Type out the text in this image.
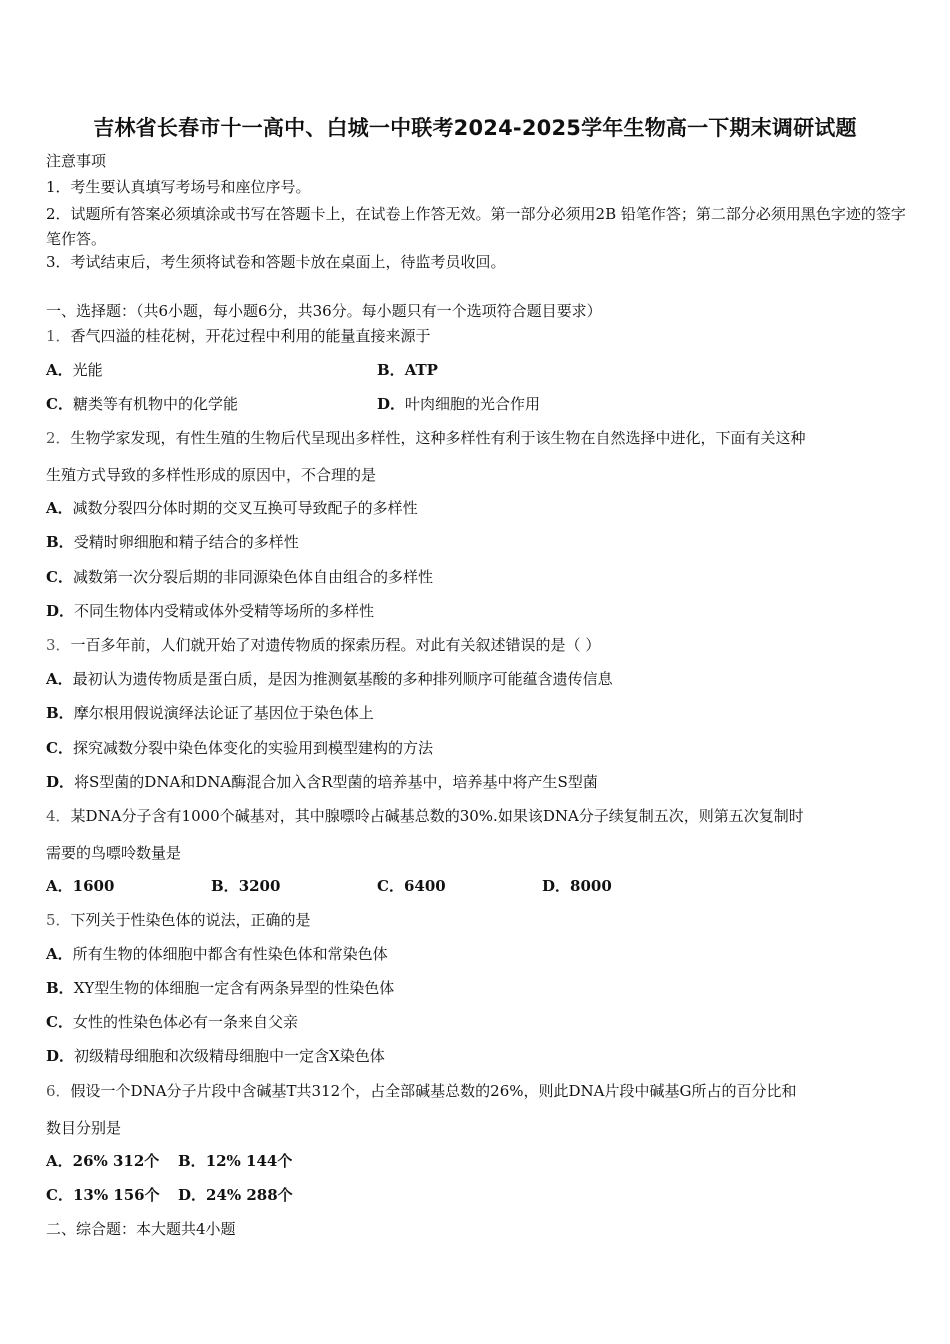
吉林省长春市十一高中、白城一中联考2024-2025学年生物高一下期末调研试题
注意事项
1．考生要认真填写考场号和座位序号。
2．试题所有答案必须填涂或书写在答题卡上，在试卷上作答无效。第一部分必须用2B 铅笔作答；第二部分必须用黑色字迹的签字笔作答。
3．考试结束后，考生须将试卷和答题卡放在桌面上，待监考员收回。
一、选择题：（共6小题，每小题6分，共36分。每小题只有一个选项符合题目要求）
1．香气四溢的桂花树，开花过程中利用的能量直接来源于
A．光能	B．ATP
C．糖类等有机物中的化学能	D．叶肉细胞的光合作用
2．生物学家发现，有性生殖的生物后代呈现出多样性，这种多样性有利于该生物在自然选择中进化，下面有关这种
生殖方式导致的多样性形成的原因中，不合理的是
A．减数分裂四分体时期的交叉互换可导致配子的多样性
B．受精时卵细胞和精子结合的多样性
C．减数第一次分裂后期的非同源染色体自由组合的多样性
D．不同生物体内受精或体外受精等场所的多样性
3．一百多年前，人们就开始了对遗传物质的探索历程。对此有关叙述错误的是（ ）
A．最初认为遗传物质是蛋白质，是因为推测氨基酸的多种排列顺序可能蕴含遗传信息
B．摩尔根用假说演绎法论证了基因位于染色体上
C．探究减数分裂中染色体变化的实验用到模型建构的方法
D．将S型菌的DNA和DNA酶混合加入含R型菌的培养基中，培养基中将产生S型菌
4．某DNA分子含有1000个碱基对，其中腺嘌呤占碱基总数的30%.如果该DNA分子续复制五次，则第五次复制时
需要的鸟嘌呤数量是
A．1600	B．3200	C．6400	D．8000
5．下列关于性染色体的说法，正确的是
A．所有生物的体细胞中都含有性染色体和常染色体
B．XY型生物的体细胞一定含有两条异型的性染色体
C．女性的性染色体必有一条来自父亲
D．初级精母细胞和次级精母细胞中一定含X染色体
6．假设一个DNA分子片段中含碱基T共312个，占全部碱基总数的26%，则此DNA片段中碱基G所占的百分比和
数目分别是
A．26% 312个 B．12% 144个
C．13% 156个 D．24% 288个
二、综合题：本大题共4小题
